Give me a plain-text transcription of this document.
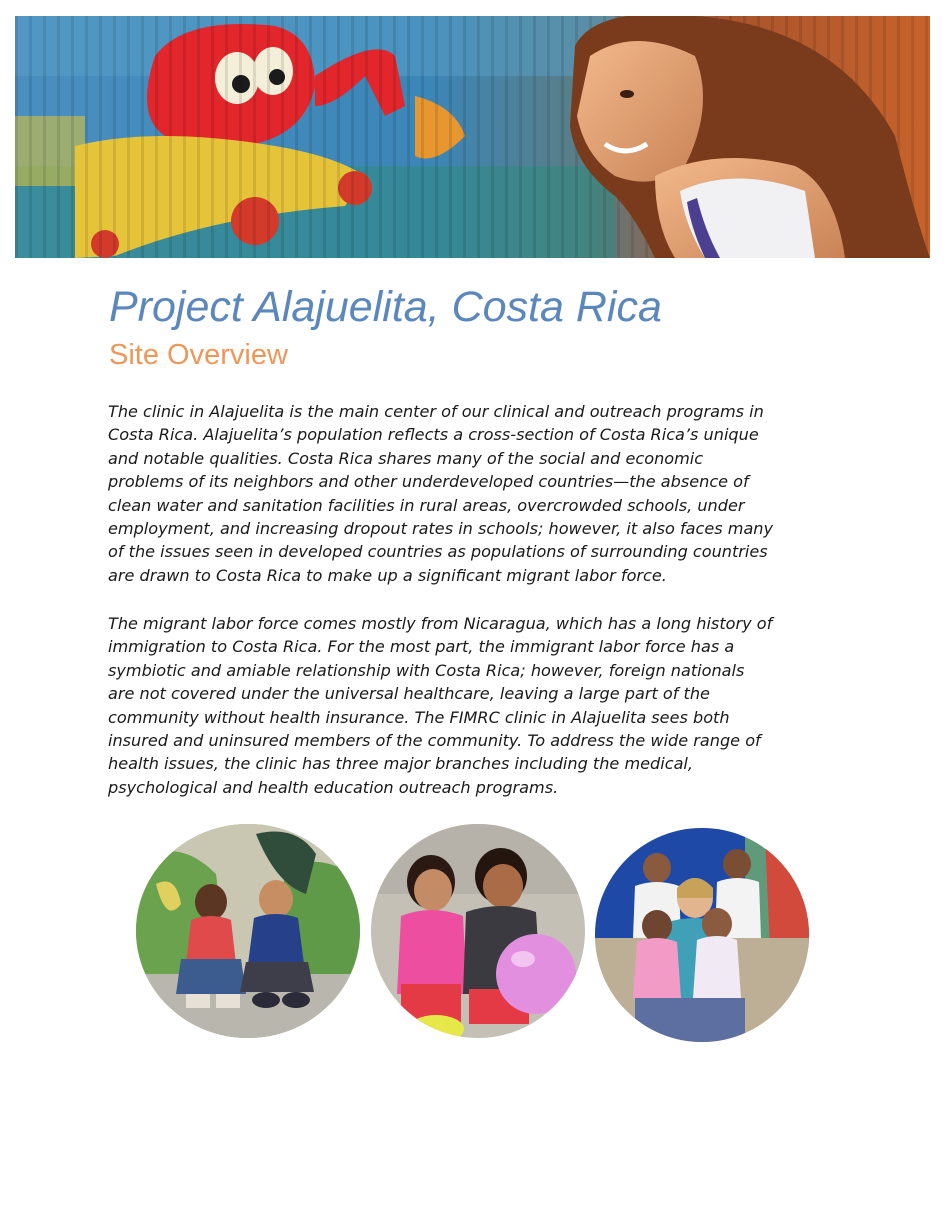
Project Alajuelita, Costa Rica
Site Overview

The clinic in Alajuelita is the main center of our clinical and outreach programs in
Costa Rica. Alajuelita’s population reflects a cross-section of Costa Rica’s unique
and notable qualities. Costa Rica shares many of the social and economic
problems of its neighbors and other underdeveloped countries—the absence of
clean water and sanitation facilities in rural areas, overcrowded schools, under
employment, and increasing dropout rates in schools; however, it also faces many
of the issues seen in developed countries as populations of surrounding countries
are drawn to Costa Rica to make up a significant migrant labor force.

The migrant labor force comes mostly from Nicaragua, which has a long history of
immigration to Costa Rica. For the most part, the immigrant labor force has a
symbiotic and amiable relationship with Costa Rica; however, foreign nationals
are not covered under the universal healthcare, leaving a large part of the
community without health insurance. The FIMRC clinic in Alajuelita sees both
insured and uninsured members of the community. To address the wide range of
health issues, the clinic has three major branches including the medical,
psychological and health education outreach programs.
